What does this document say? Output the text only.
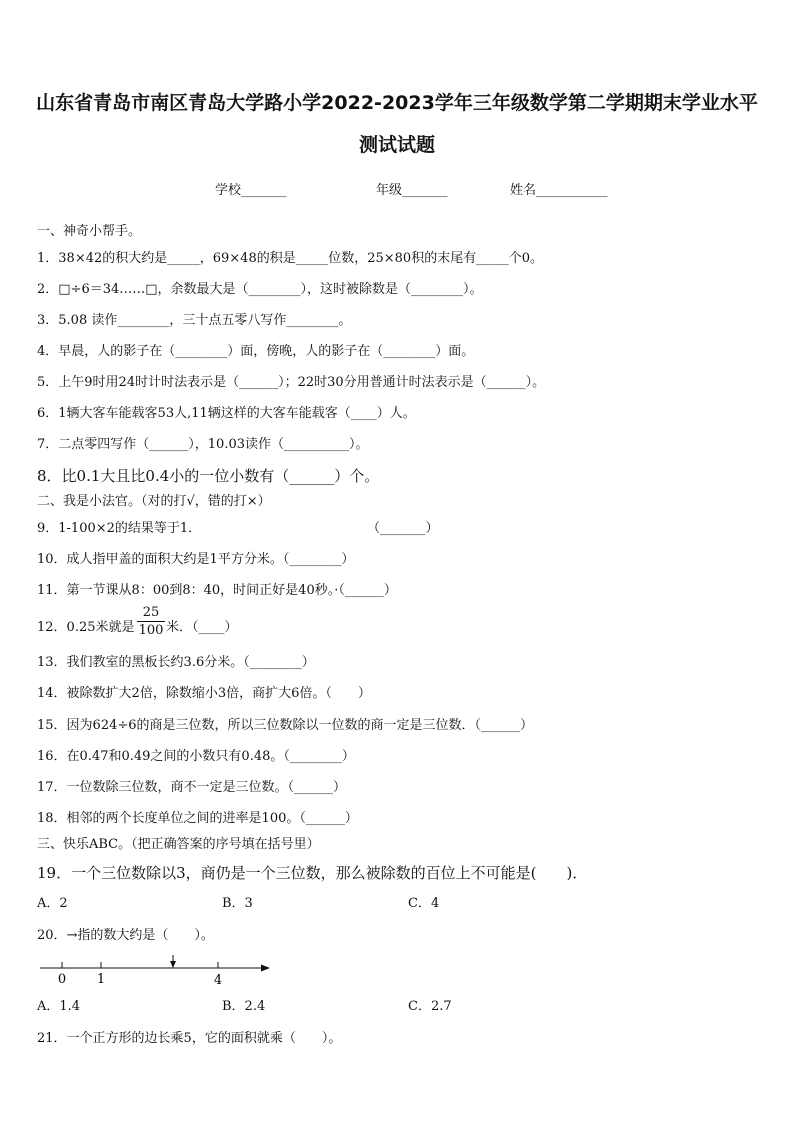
山东省青岛市南区青岛大学路小学2022-2023学年三年级数学第二学期期末学业水平
测试试题
学校_______	年级_______	姓名___________
一、神奇小帮手。
1．38×42的积大约是_____，69×48的积是_____位数，25×80积的末尾有_____个0。
2．□÷6＝34……□，余数最大是（________），这时被除数是（________）。
3．5.08 读作________，三十点五零八写作________。
4．早晨，人的影子在（________）面，傍晚，人的影子在（________）面。
5．上午9时用24时计时法表示是（______）；22时30分用普通计时法表示是（______）。
6．1辆大客车能载客53人,11辆这样的大客车能载客（____）人。
7．二点零四写作（______），10.03读作（__________）。
8．比0.1大且比0.4小的一位小数有（______）个。
二、我是小法官。（对的打√，错的打×）
9．1-100×2的结果等于1．	（_______）
10．成人指甲盖的面积大约是1平方分米。（________）
11．第一节课从8：00到8：40，时间正好是40秒。·（______）
12．0.25米就是
25
100 米．（____）
13．我们教室的黑板长约3.6分米。（________）
14．被除数扩大2倍，除数缩小3倍，商扩大6倍。（　　）
15．因为624÷6的商是三位数，所以三位数除以一位数的商一定是三位数．（______）
16．在0.47和0.49之间的小数只有0.48。（________）
17．一位数除三位数，商不一定是三位数。（______）
18．相邻的两个长度单位之间的进率是100。（______）
三、快乐ABC。（把正确答案的序号填在括号里）
19．一个三位数除以3，商仍是一个三位数，那么被除数的百位上不可能是(　　)．
A．2	B．3	C．4
20．→指的数大约是（　　）。
0 1	4
A．1.4	B．2.4	C．2.7
21．一个正方形的边长乘5，它的面积就乘（　　）。
